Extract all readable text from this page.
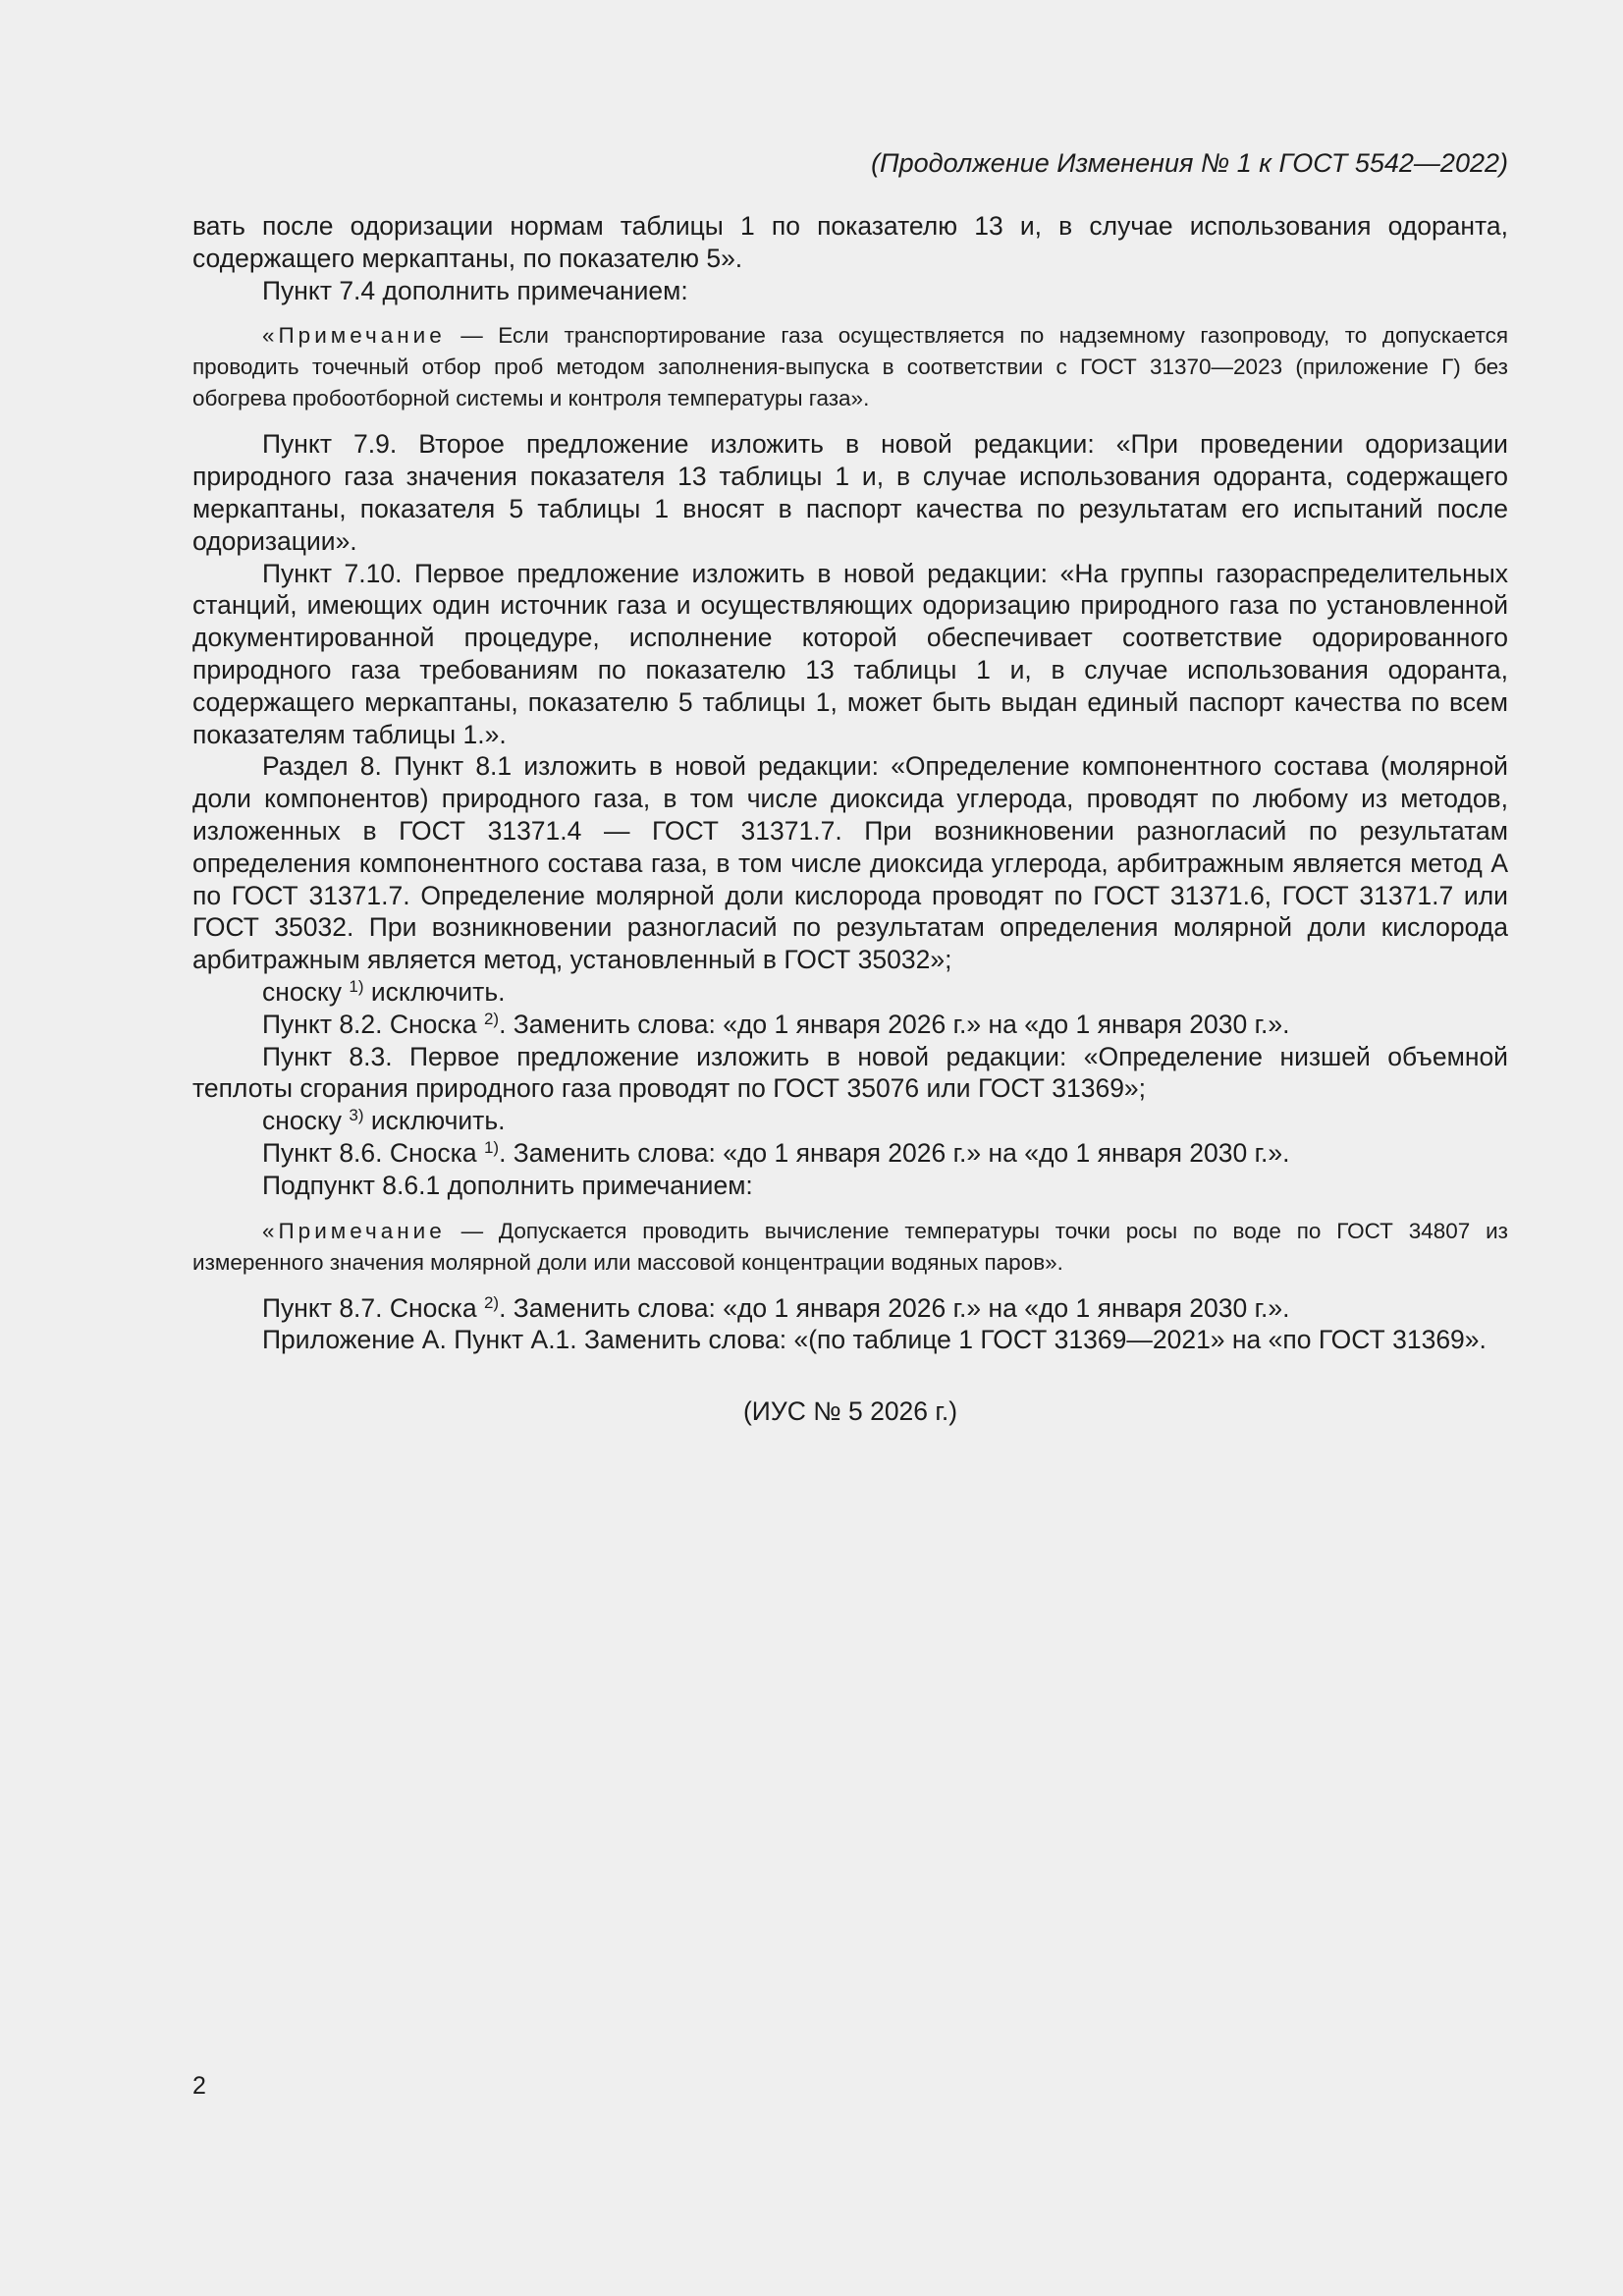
(Продолжение Изменения № 1 к ГОСТ 5542—2022)

вать после одоризации нормам таблицы 1 по показателю 13 и, в случае использования одоранта, содержащего меркаптаны, по показателю 5».

Пункт 7.4 дополнить примечанием:

«Примечание — Если транспортирование газа осуществляется по надземному газопроводу, то допускается проводить точечный отбор проб методом заполнения-выпуска в соответствии с ГОСТ 31370—2023 (приложение Г) без обогрева пробоотборной системы и контроля температуры газа».

Пункт 7.9. Второе предложение изложить в новой редакции: «При проведении одоризации природного газа значения показателя 13 таблицы 1 и, в случае использования одоранта, содержащего меркаптаны, показателя 5 таблицы 1 вносят в паспорт качества по результатам его испытаний после одоризации».

Пункт 7.10. Первое предложение изложить в новой редакции: «На группы газораспределительных станций, имеющих один источник газа и осуществляющих одоризацию природного газа по установленной документированной процедуре, исполнение которой обеспечивает соответствие одорированного природного газа требованиям по показателю 13 таблицы 1 и, в случае использования одоранта, содержащего меркаптаны, показателю 5 таблицы 1, может быть выдан единый паспорт качества по всем показателям таблицы 1.».

Раздел 8. Пункт 8.1 изложить в новой редакции: «Определение компонентного состава (молярной доли компонентов) природного газа, в том числе диоксида углерода, проводят по любому из методов, изложенных в ГОСТ 31371.4 — ГОСТ 31371.7. При возникновении разногласий по результатам определения компонентного состава газа, в том числе диоксида углерода, арбитражным является метод А по ГОСТ 31371.7. Определение молярной доли кислорода проводят по ГОСТ 31371.6, ГОСТ 31371.7 или ГОСТ 35032. При возникновении разногласий по результатам определения молярной доли кислорода арбитражным является метод, установленный в ГОСТ 35032»;

сноску $^{1)}$ исключить.

Пункт 8.2. Сноска $^{2)}$. Заменить слова: «до 1 января 2026 г.» на «до 1 января 2030 г.».

Пункт 8.3. Первое предложение изложить в новой редакции: «Определение низшей объемной теплоты сгорания природного газа проводят по ГОСТ 35076 или ГОСТ 31369»;

сноску $^{3)}$ исключить.

Пункт 8.6. Сноска $^{1)}$. Заменить слова: «до 1 января 2026 г.» на «до 1 января 2030 г.».

Подпункт 8.6.1 дополнить примечанием:

«Примечание — Допускается проводить вычисление температуры точки росы по воде по ГОСТ 34807 из измеренного значения молярной доли или массовой концентрации водяных паров».

Пункт 8.7. Сноска $^{2)}$. Заменить слова: «до 1 января 2026 г.» на «до 1 января 2030 г.».

Приложение А. Пункт А.1. Заменить слова: «(по таблице 1 ГОСТ 31369—2021» на «по ГОСТ 31369».

(ИУС № 5 2026 г.)
2
